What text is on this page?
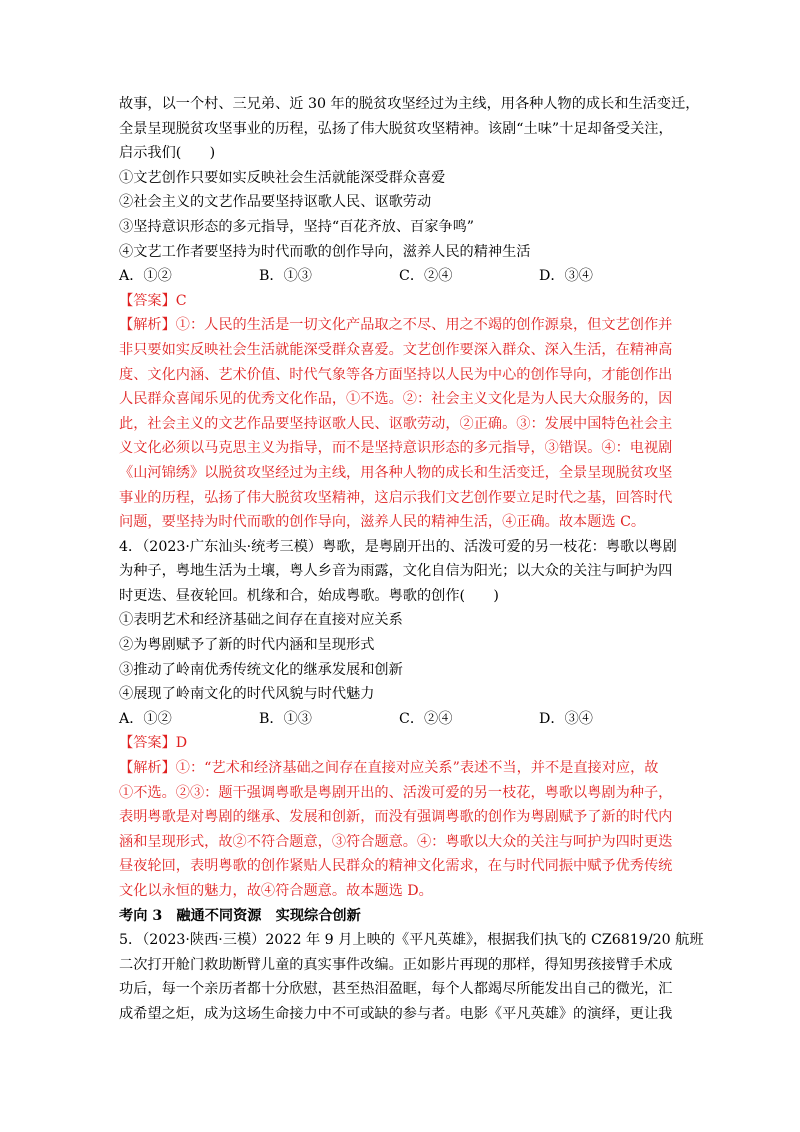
故事，以一个村、三兄弟、近 30 年的脱贫攻坚经过为主线，用各种人物的成长和生活变迁，
全景呈现脱贫攻坚事业的历程，弘扬了伟大脱贫攻坚精神。该剧“土味”十足却备受关注，
启示我们(　　)
①文艺创作只要如实反映社会生活就能深受群众喜爱
②社会主义的文艺作品要坚持讴歌人民、讴歌劳动
③坚持意识形态的多元指导，坚持“百花齐放、百家争鸣”
④文艺工作者要坚持为时代而歌的创作导向，滋养人民的精神生活
A．①②	B．①③	C．②④	D．③④
【答案】C
【解析】①：人民的生活是一切文化产品取之不尽、用之不竭的创作源泉，但文艺创作并
非只要如实反映社会生活就能深受群众喜爱。文艺创作要深入群众、深入生活，在精神高
度、文化内涵、艺术价值、时代气象等各方面坚持以人民为中心的创作导向，才能创作出
人民群众喜闻乐见的优秀文化作品，①不选。②：社会主义文化是为人民大众服务的，因
此，社会主义的文艺作品要坚持讴歌人民、讴歌劳动，②正确。③：发展中国特色社会主
义文化必须以马克思主义为指导，而不是坚持意识形态的多元指导，③错误。④：电视剧
《山河锦绣》以脱贫攻坚经过为主线，用各种人物的成长和生活变迁，全景呈现脱贫攻坚
事业的历程，弘扬了伟大脱贫攻坚精神，这启示我们文艺创作要立足时代之基，回答时代
问题，要坚持为时代而歌的创作导向，滋养人民的精神生活，④正确。故本题选 C。
4．（2023·广东汕头·统考三模）粤歌，是粤剧开出的、活泼可爱的另一枝花：粤歌以粤剧
为种子，粤地生活为土壤，粤人乡音为雨露，文化自信为阳光；以大众的关注与呵护为四
时更迭、昼夜轮回。机缘和合，始成粤歌。粤歌的创作(　　)
①表明艺术和经济基础之间存在直接对应关系
②为粤剧赋予了新的时代内涵和呈现形式
③推动了岭南优秀传统文化的继承发展和创新
④展现了岭南文化的时代风貌与时代魅力
A．①②	B．①③	C．②④	D．③④
【答案】D
【解析】①：“艺术和经济基础之间存在直接对应关系”表述不当，并不是直接对应，故
①不选。②③：题干强调粤歌是粤剧开出的、活泼可爱的另一枝花，粤歌以粤剧为种子，
表明粤歌是对粤剧的继承、发展和创新，而没有强调粤歌的创作为粤剧赋予了新的时代内
涵和呈现形式，故②不符合题意，③符合题意。④：粤歌以大众的关注与呵护为四时更迭
昼夜轮回，表明粤歌的创作紧贴人民群众的精神文化需求，在与时代同振中赋予优秀传统
文化以永恒的魅力，故④符合题意。故本题选 D。
考向 3　融通不同资源　实现综合创新
5．（2023·陕西·三模）2022 年 9 月上映的《平凡英雄》，根据我们执飞的 CZ6819/20 航班
二次打开舱门救助断臂儿童的真实事件改编。正如影片再现的那样，得知男孩接臂手术成
功后，每一个亲历者都十分欣慰，甚至热泪盈眶，每个人都竭尽所能发出自己的微光，汇
成希望之炬，成为这场生命接力中不可或缺的参与者。电影《平凡英雄》的演绎，更让我
